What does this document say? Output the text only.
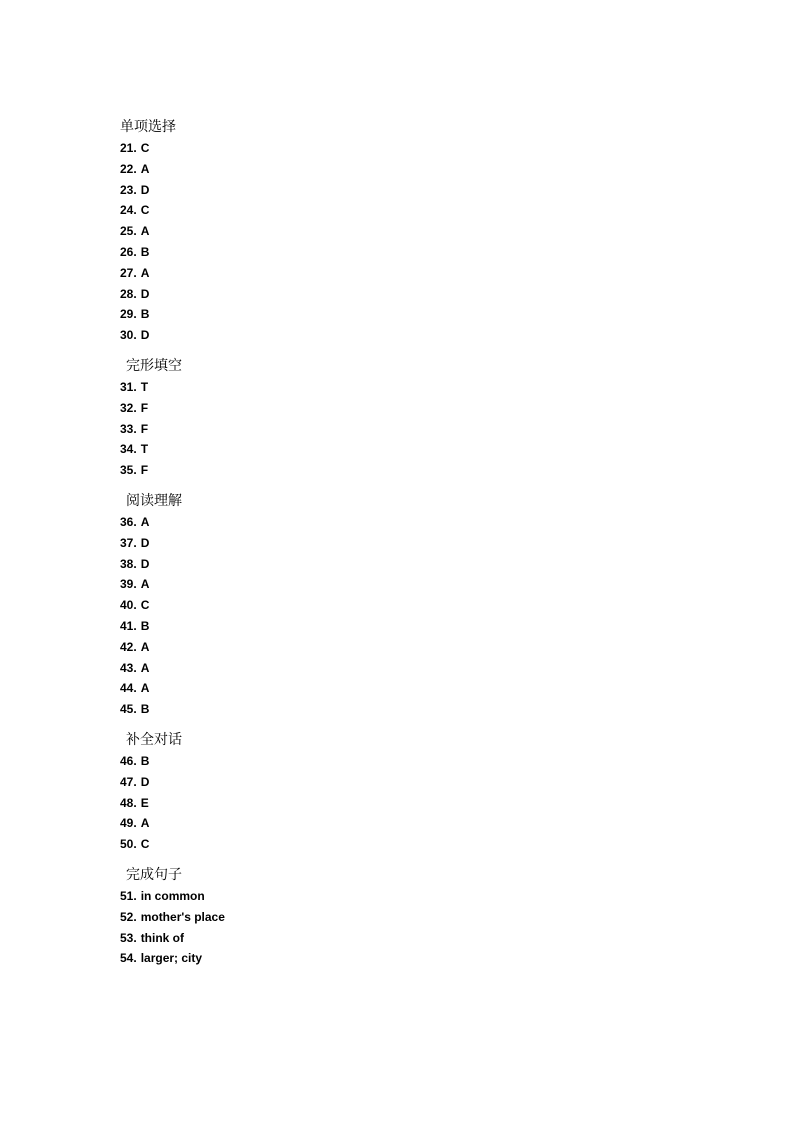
单项选择
21. C
22. A
23. D
24. C
25. A
26. B
27. A
28. D
29. B
30. D
完形填空
31. T
32. F
33. F
34. T
35. F
阅读理解
36. A
37. D
38. D
39. A
40. C
41. B
42. A
43. A
44. A
45. B
补全对话
46. B
47. D
48. E
49. A
50. C
完成句子
51. in common
52. mother's place
53. think of
54. larger; city
